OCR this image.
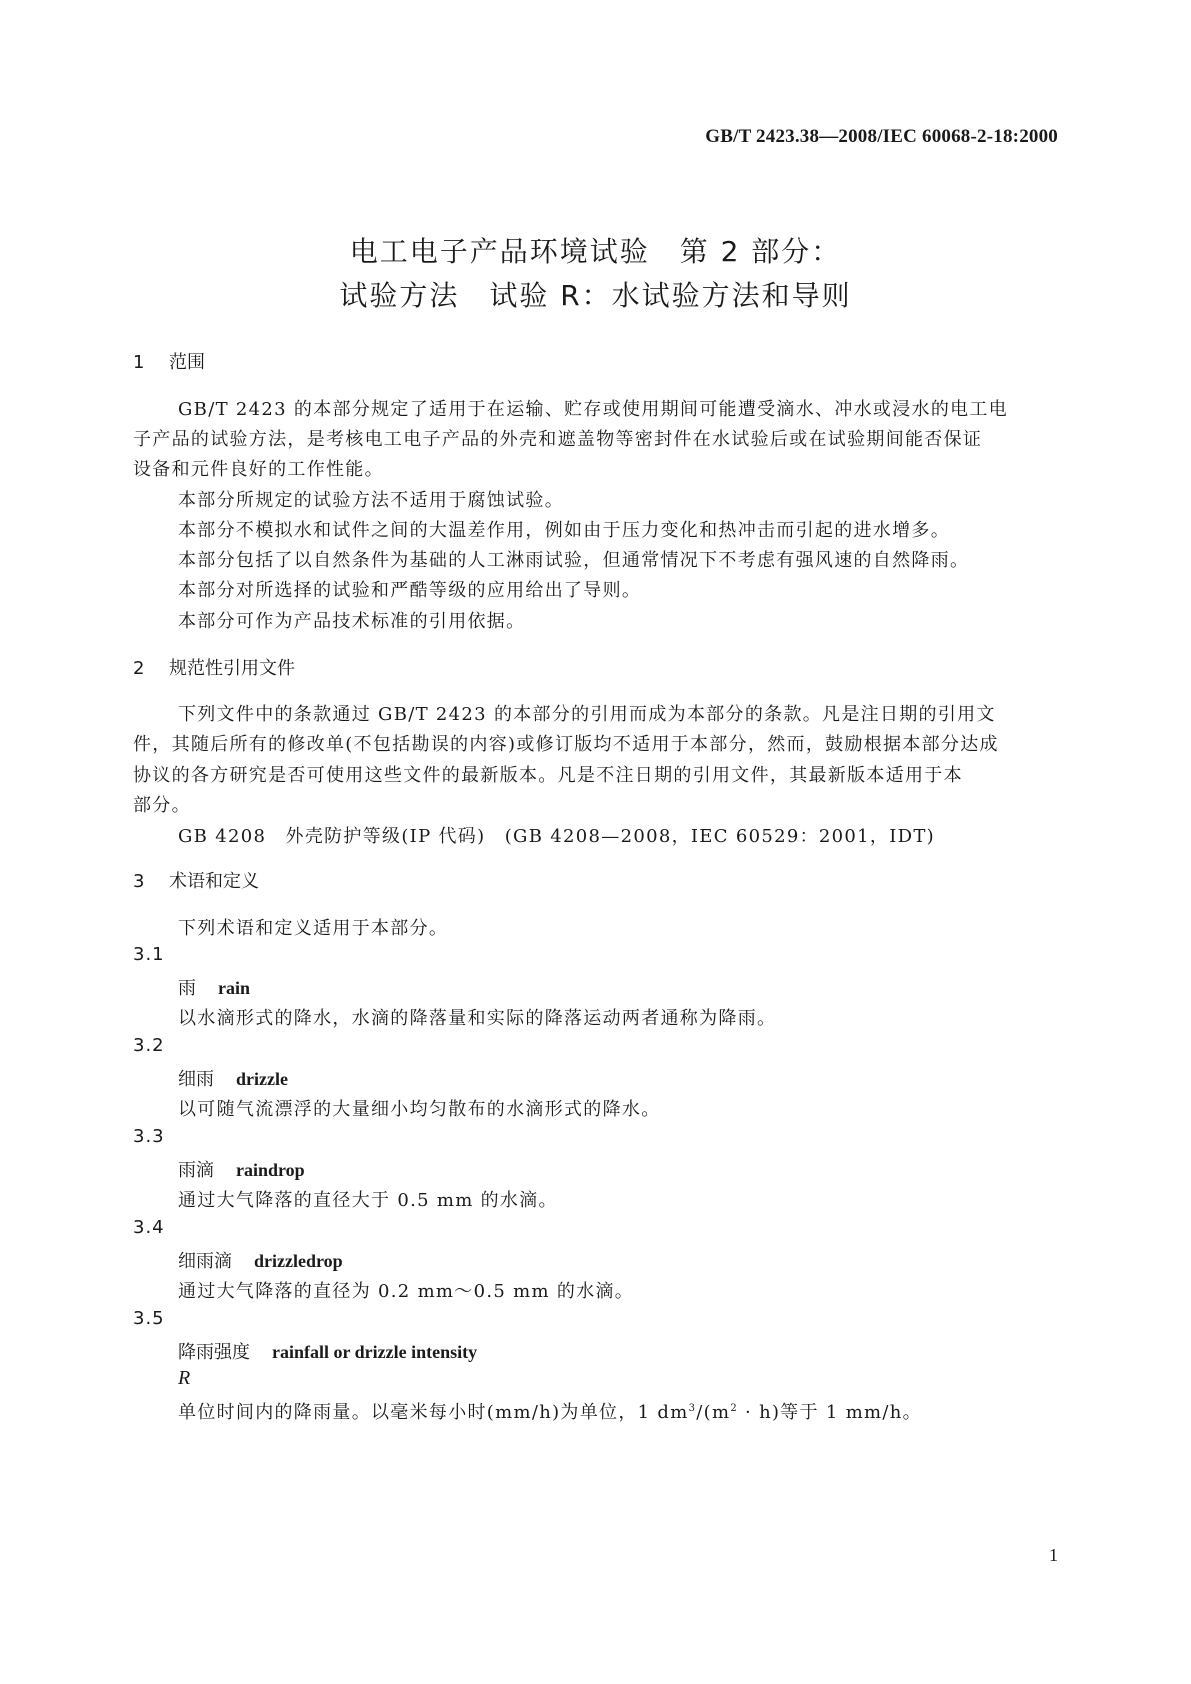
GB/T 2423.38—2008/IEC 60068-2-18:2000
电工电子产品环境试验　第 2 部分：
试验方法　试验 R：水试验方法和导则
1 范围
GB/T 2423 的本部分规定了适用于在运输、贮存或使用期间可能遭受滴水、冲水或浸水的电工电
子产品的试验方法，是考核电工电子产品的外壳和遮盖物等密封件在水试验后或在试验期间能否保证
设备和元件良好的工作性能。
本部分所规定的试验方法不适用于腐蚀试验。
本部分不模拟水和试件之间的大温差作用，例如由于压力变化和热冲击而引起的进水增多。
本部分包括了以自然条件为基础的人工淋雨试验，但通常情况下不考虑有强风速的自然降雨。
本部分对所选择的试验和严酷等级的应用给出了导则。
本部分可作为产品技术标准的引用依据。
2 规范性引用文件
下列文件中的条款通过 GB/T 2423 的本部分的引用而成为本部分的条款。凡是注日期的引用文
件，其随后所有的修改单(不包括勘误的内容)或修订版均不适用于本部分，然而，鼓励根据本部分达成
协议的各方研究是否可使用这些文件的最新版本。凡是不注日期的引用文件，其最新版本适用于本
部分。
GB 4208　外壳防护等级(IP 代码)　(GB 4208—2008，IEC 60529：2001，IDT)
3 术语和定义
下列术语和定义适用于本部分。
3.1
雨 rain
以水滴形式的降水，水滴的降落量和实际的降落运动两者通称为降雨。
3.2
细雨 drizzle
以可随气流漂浮的大量细小均匀散布的水滴形式的降水。
3.3
雨滴 raindrop
通过大气降落的直径大于 0.5 mm 的水滴。
3.4
细雨滴 drizzledrop
通过大气降落的直径为 0.2 mm～0.5 mm 的水滴。
3.5
降雨强度 rainfall or drizzle intensity
R
单位时间内的降雨量。以毫米每小时(mm/h)为单位，1 $dm^3/(m^2 \cdot h)$等于 1 mm/h。
1
